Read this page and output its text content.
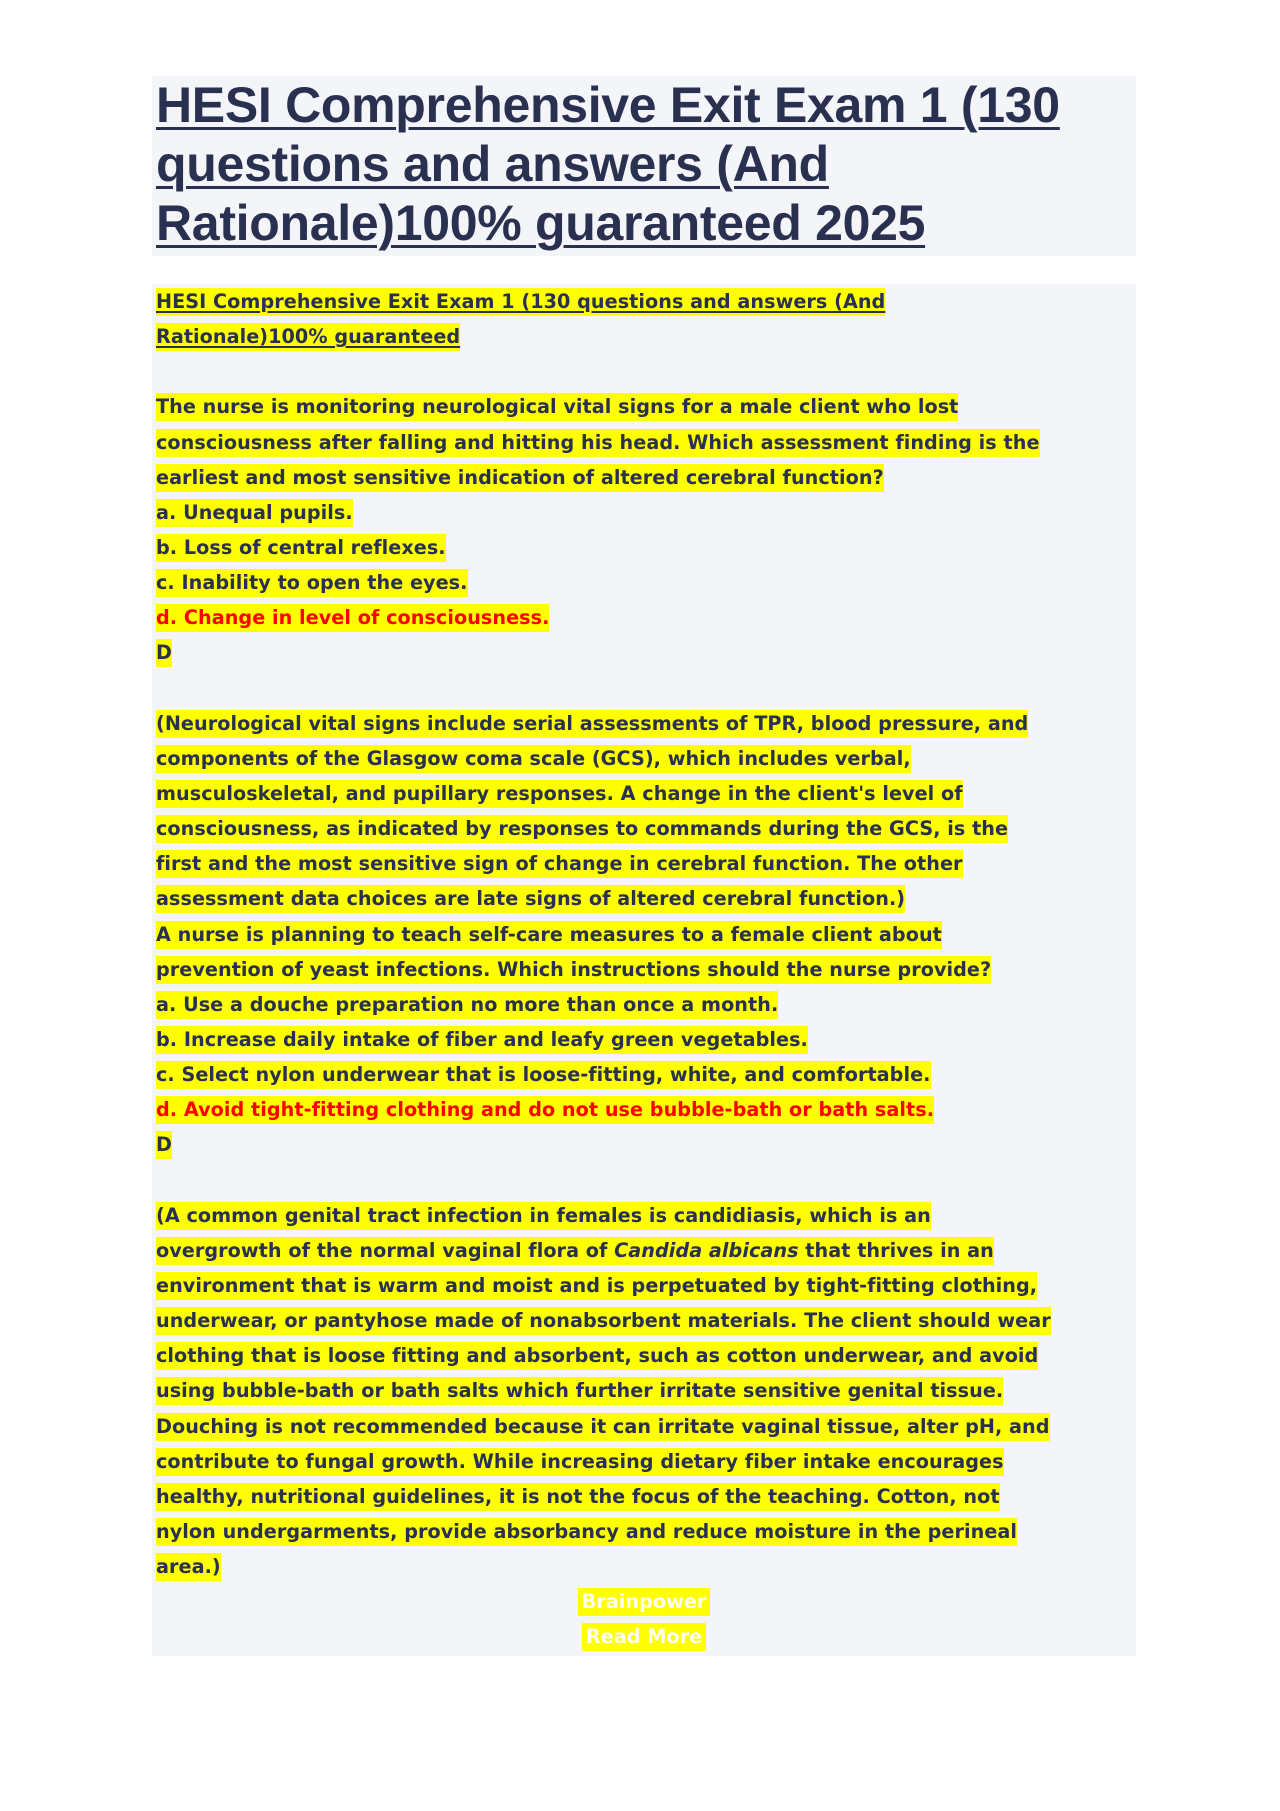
HESI Comprehensive Exit Exam 1 (130
questions and answers (And
Rationale)100% guaranteed 2025
HESI Comprehensive Exit Exam 1 (130 questions and answers (And
Rationale)100% guaranteed
The nurse is monitoring neurological vital signs for a male client who lost
consciousness after falling and hitting his head. Which assessment finding is the
earliest and most sensitive indication of altered cerebral function?
a. Unequal pupils.
b. Loss of central reflexes.
c. Inability to open the eyes.
d. Change in level of consciousness.
D
(Neurological vital signs include serial assessments of TPR, blood pressure, and
components of the Glasgow coma scale (GCS), which includes verbal,
musculoskeletal, and pupillary responses. A change in the client's level of
consciousness, as indicated by responses to commands during the GCS, is the
first and the most sensitive sign of change in cerebral function. The other
assessment data choices are late signs of altered cerebral function.)
A nurse is planning to teach self-care measures to a female client about
prevention of yeast infections. Which instructions should the nurse provide?
a. Use a douche preparation no more than once a month.
b. Increase daily intake of fiber and leafy green vegetables.
c. Select nylon underwear that is loose-fitting, white, and comfortable.
d. Avoid tight-fitting clothing and do not use bubble-bath or bath salts.
D
(A common genital tract infection in females is candidiasis, which is an
overgrowth of the normal vaginal flora of Candida albicans that thrives in an
environment that is warm and moist and is perpetuated by tight-fitting clothing,
underwear, or pantyhose made of nonabsorbent materials. The client should wear
clothing that is loose fitting and absorbent, such as cotton underwear, and avoid
using bubble-bath or bath salts which further irritate sensitive genital tissue.
Douching is not recommended because it can irritate vaginal tissue, alter pH, and
contribute to fungal growth. While increasing dietary fiber intake encourages
healthy, nutritional guidelines, it is not the focus of the teaching. Cotton, not
nylon undergarments, provide absorbancy and reduce moisture in the perineal
area.)
Brainpower
Read More
